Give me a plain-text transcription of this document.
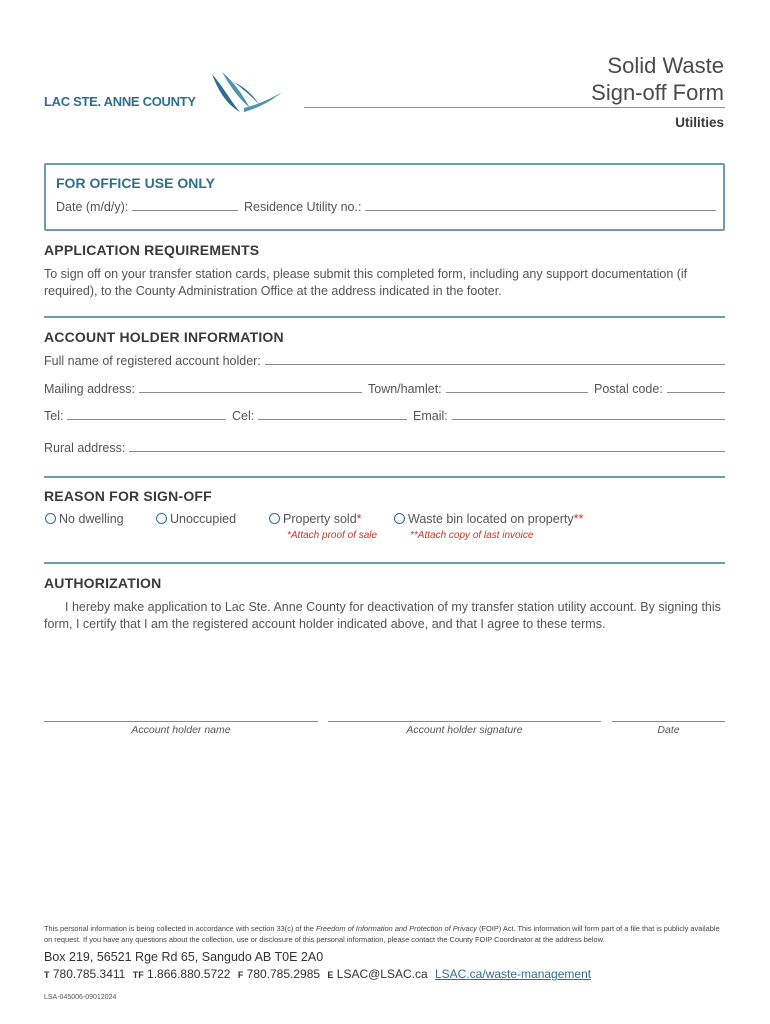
LAC STE. ANNE COUNTY
Solid Waste
Sign-off Form
Utilities
FOR OFFICE USE ONLY
Date (m/d/y):	Residence Utility no.:
APPLICATION REQUIREMENTS
To sign off on your transfer station cards, please submit this completed form, including any support documentation (if required), to the County Administration Office at the address indicated in the footer.
ACCOUNT HOLDER INFORMATION
Full name of registered account holder:
Mailing address:	Town/hamlet:	Postal code:
Tel:	Cel:	Email:
Rural address:
REASON FOR SIGN-OFF
No dwelling	Unoccupied	Property sold*	Waste bin located on property**
*Attach proof of sale	**Attach copy of last invoice
AUTHORIZATION
I hereby make application to Lac Ste. Anne County for deactivation of my transfer station utility account. By signing this form, I certify that I am the registered account holder indicated above, and that I agree to these terms.
Account holder name	Account holder signature	Date
This personal information is being collected in accordance with section 33(c) of the Freedom of Information and Protection of Privacy (FOIP) Act. This information will form part of a file that is publicly available on request. If you have any questions about the collection, use or disclosure of this personal information, please contact the County FOIP Coordinator at the address below.
Box 219, 56521 Rge Rd 65, Sangudo AB T0E 2A0
T 780.785.3411 TF 1.866.880.5722 F 780.785.2985 E LSAC@LSAC.ca LSAC.ca/waste-management
LSA-045006-09012024
